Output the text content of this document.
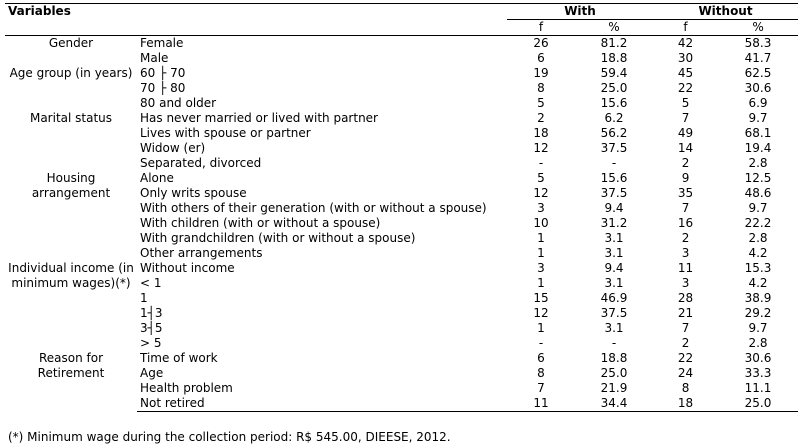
Variables		With		Without	
		f	%	f	%
Gender	Female	26	81.2	42	58.3
	Male	6	18.8	30	41.7
Age group (in years)	60 ├ 70	19	59.4	45	62.5
	70 ├ 80	8	25.0	22	30.6
	80 and older	5	15.6	5	6.9
Marital status	Has never married or lived with partner	2	6.2	7	9.7
	Lives with spouse or partner	18	56.2	49	68.1
	Widow (er)	12	37.5	14	19.4
	Separated, divorced	-	-	2	2.8
Housing arrangement	Alone	5	15.6	9	12.5
	Only writs spouse	12	37.5	35	48.6
	With others of their generation (with or without a spouse)	3	9.4	7	9.7
	With children (with or without a spouse)	10	31.2	16	22.2
	With grandchildren (with or without a spouse)	1	3.1	2	2.8
	Other arrangements	1	3.1	3	4.2
Individual income (in minimum wages)(*)	Without income	3	9.4	11	15.3
	< 1	1	3.1	3	4.2
	1	15	46.9	28	38.9
	1┤3	12	37.5	21	29.2
	3┤5	1	3.1	7	9.7
	> 5	-	-	2	2.8
Reason for Retirement	Time of work	6	18.8	22	30.6
	Age	8	25.0	24	33.3
	Health problem	7	21.9	8	11.1
	Not retired	11	34.4	18	25.0
(*) Minimum wage during the collection period: R$ 545.00, DIEESE, 2012.
